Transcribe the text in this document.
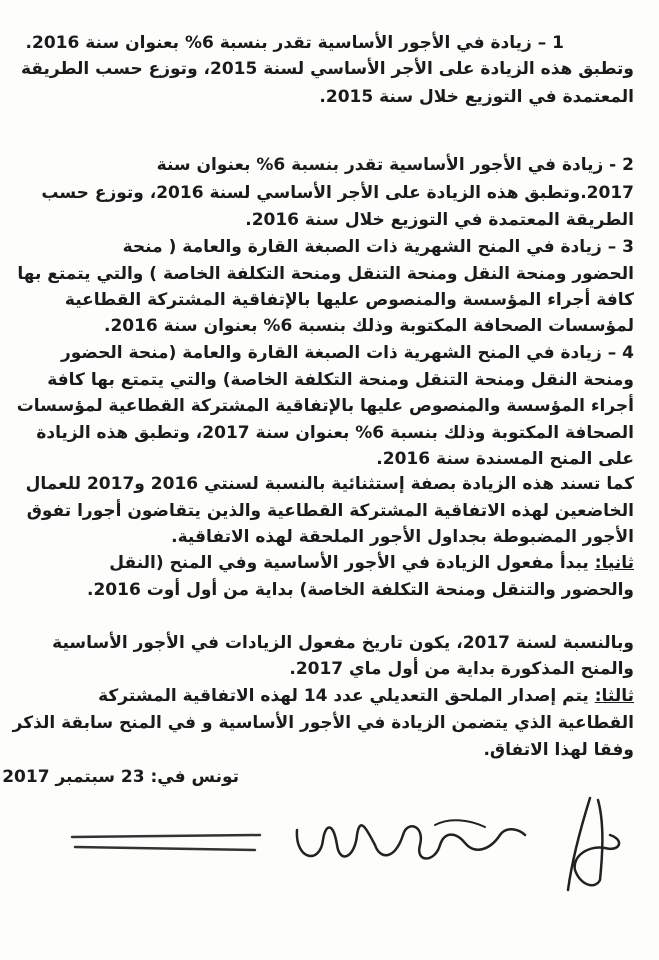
1 – زيادة في الأجور الأساسية تقدر بنسبة 6% بعنوان سنة 2016.
وتطبق هذه الزيادة على الأجر الأساسي لسنة 2015، وتوزع حسب الطريقة
المعتمدة في التوزيع خلال سنة 2015.
2 - زيادة في الأجور الأساسية تقدر بنسبة 6% بعنوان سنة
2017.وتطبق هذه الزيادة على الأجر الأساسي لسنة 2016، وتوزع حسب
الطريقة المعتمدة في التوزيع خلال سنة 2016.
3 – زيادة في المنح الشهرية ذات الصبغة القارة والعامة ( منحة
الحضور ومنحة النقل ومنحة التنقل ومنحة التكلفة الخاصة ) والتي يتمتع بها
كافة أجراء المؤسسة والمنصوص عليها بالإتفاقية المشتركة القطاعية
لمؤسسات الصحافة المكتوبة وذلك بنسبة 6% بعنوان سنة 2016.
4 – زيادة في المنح الشهرية ذات الصبغة القارة والعامة (منحة الحضور
ومنحة النقل ومنحة التنقل ومنحة التكلفة الخاصة) والتي يتمتع بها كافة
أجراء المؤسسة والمنصوص عليها بالإتفاقية المشتركة القطاعية لمؤسسات
الصحافة المكتوبة وذلك بنسبة 6% بعنوان سنة 2017، وتطبق هذه الزيادة
على المنح المسندة سنة 2016.
كما تسند هذه الزيادة بصفة إستثنائية بالنسبة لسنتي 2016 و2017 للعمال
الخاضعين لهذه الاتفاقية المشتركة القطاعية والذين يتقاضون أجورا تفوق
الأجور المضبوطة بجداول الأجور الملحقة لهذه الاتفاقية.
ثانيا: يبدأ مفعول الزيادة في الأجور الأساسية وفي المنح (النقل
والحضور والتنقل ومنحة التكلفة الخاصة) بداية من أول أوت 2016.
وبالنسبة لسنة 2017، يكون تاريخ مفعول الزيادات في الأجور الأساسية
والمنح المذكورة بداية من أول ماي 2017.
ثالثا: يتم إصدار الملحق التعديلي عدد 14 لهذه الاتفاقية المشتركة
القطاعية الذي يتضمن الزيادة في الأجور الأساسية و في المنح سابقة الذكر
وفقا لهذا الاتفاق.
تونس في: 23 سبتمبر 2017
